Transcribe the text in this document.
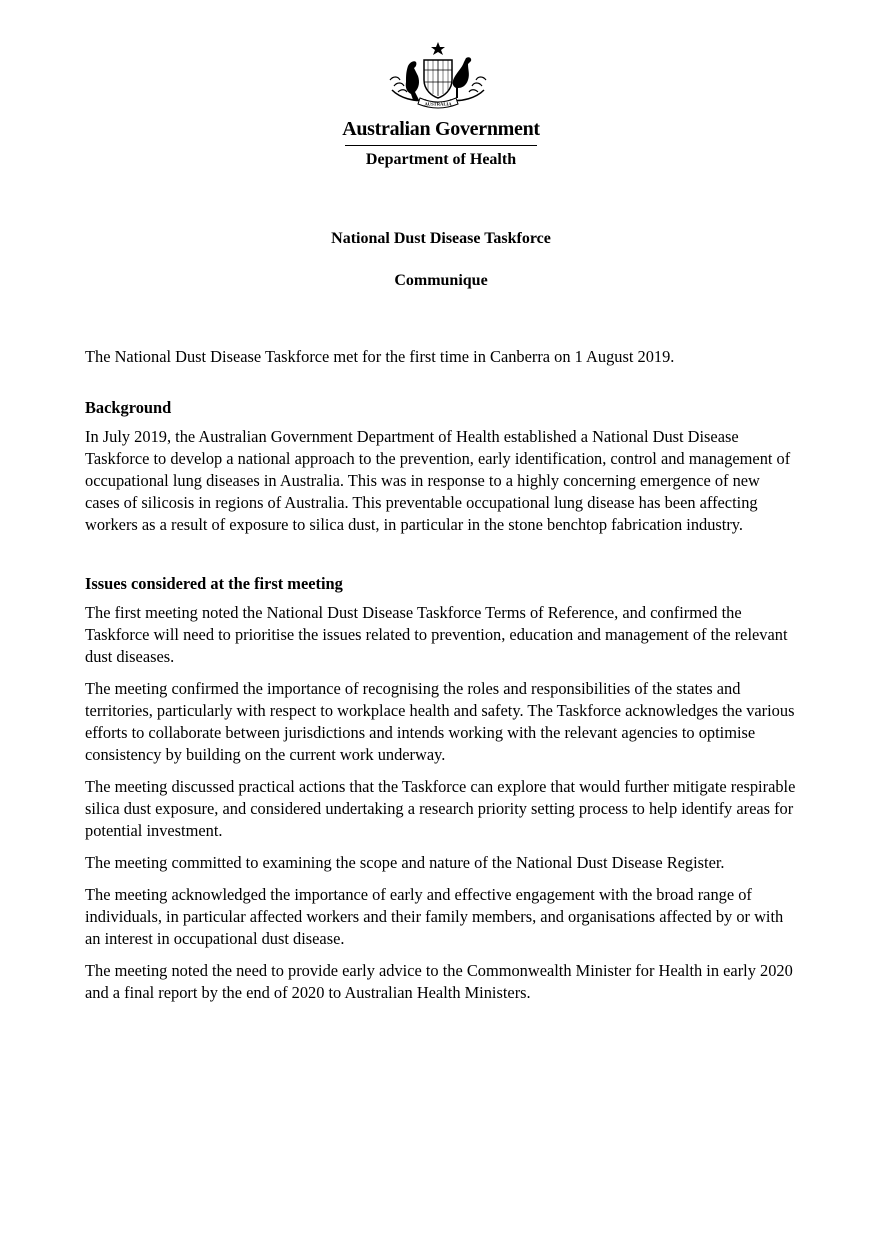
AUSTRALIA
Australian Government
Department of Health
National Dust Disease Taskforce
Communique

The National Dust Disease Taskforce met for the first time in Canberra on 1 August 2019.

Background

In July 2019, the Australian Government Department of Health established a National Dust Disease Taskforce to develop a national approach to the prevention, early identification, control and management of occupational lung diseases in Australia. This was in response to a highly concerning emergence of new cases of silicosis in regions of Australia. This preventable occupational lung disease has been affecting workers as a result of exposure to silica dust, in particular in the stone benchtop fabrication industry.

Issues considered at the first meeting

The first meeting noted the National Dust Disease Taskforce Terms of Reference, and confirmed the Taskforce will need to prioritise the issues related to prevention, education and management of the relevant dust diseases.

The meeting confirmed the importance of recognising the roles and responsibilities of the states and territories, particularly with respect to workplace health and safety. The Taskforce acknowledges the various efforts to collaborate between jurisdictions and intends working with the relevant agencies to optimise consistency by building on the current work underway.

The meeting discussed practical actions that the Taskforce can explore that would further mitigate respirable silica dust exposure, and considered undertaking a research priority setting process to help identify areas for potential investment.

The meeting committed to examining the scope and nature of the National Dust Disease Register.

The meeting acknowledged the importance of early and effective engagement with the broad range of individuals, in particular affected workers and their family members, and organisations affected by or with an interest in occupational dust disease.

The meeting noted the need to provide early advice to the Commonwealth Minister for Health in early 2020 and a final report by the end of 2020 to Australian Health Ministers.
